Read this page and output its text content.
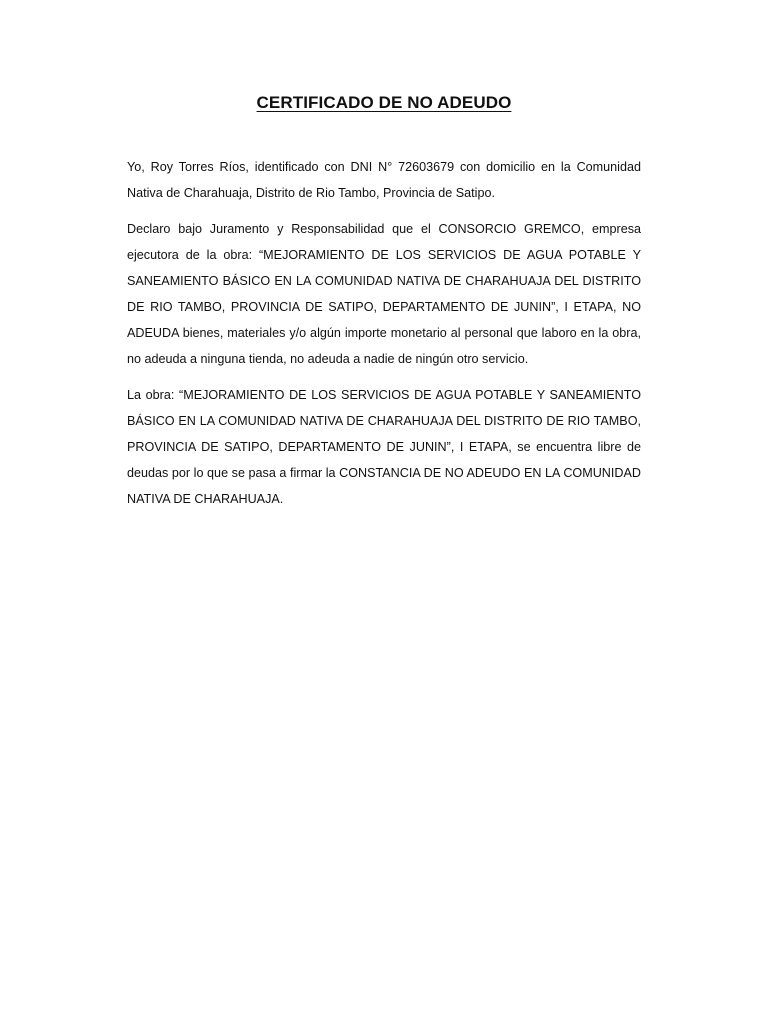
CERTIFICADO DE NO ADEUDO

Yo, Roy Torres Ríos, identificado con DNI N° 72603679 con domicilio en la Comunidad Nativa de Charahuaja, Distrito de Rio Tambo, Provincia de Satipo.

Declaro bajo Juramento y Responsabilidad que el CONSORCIO GREMCO, empresa ejecutora de la obra: “MEJORAMIENTO DE LOS SERVICIOS DE AGUA POTABLE Y SANEAMIENTO BÁSICO EN LA COMUNIDAD NATIVA DE CHARAHUAJA DEL DISTRITO DE RIO TAMBO, PROVINCIA DE SATIPO, DEPARTAMENTO DE JUNIN”, I ETAPA, NO ADEUDA bienes, materiales y/o algún importe monetario al personal que laboro en la obra, no adeuda a ninguna tienda, no adeuda a nadie de ningún otro servicio.

La obra: “MEJORAMIENTO DE LOS SERVICIOS DE AGUA POTABLE Y SANEAMIENTO BÁSICO EN LA COMUNIDAD NATIVA DE CHARAHUAJA DEL DISTRITO DE RIO TAMBO, PROVINCIA DE SATIPO, DEPARTAMENTO DE JUNIN”, I ETAPA, se encuentra libre de deudas por lo que se pasa a firmar la CONSTANCIA DE NO ADEUDO EN LA COMUNIDAD NATIVA DE CHARAHUAJA.
